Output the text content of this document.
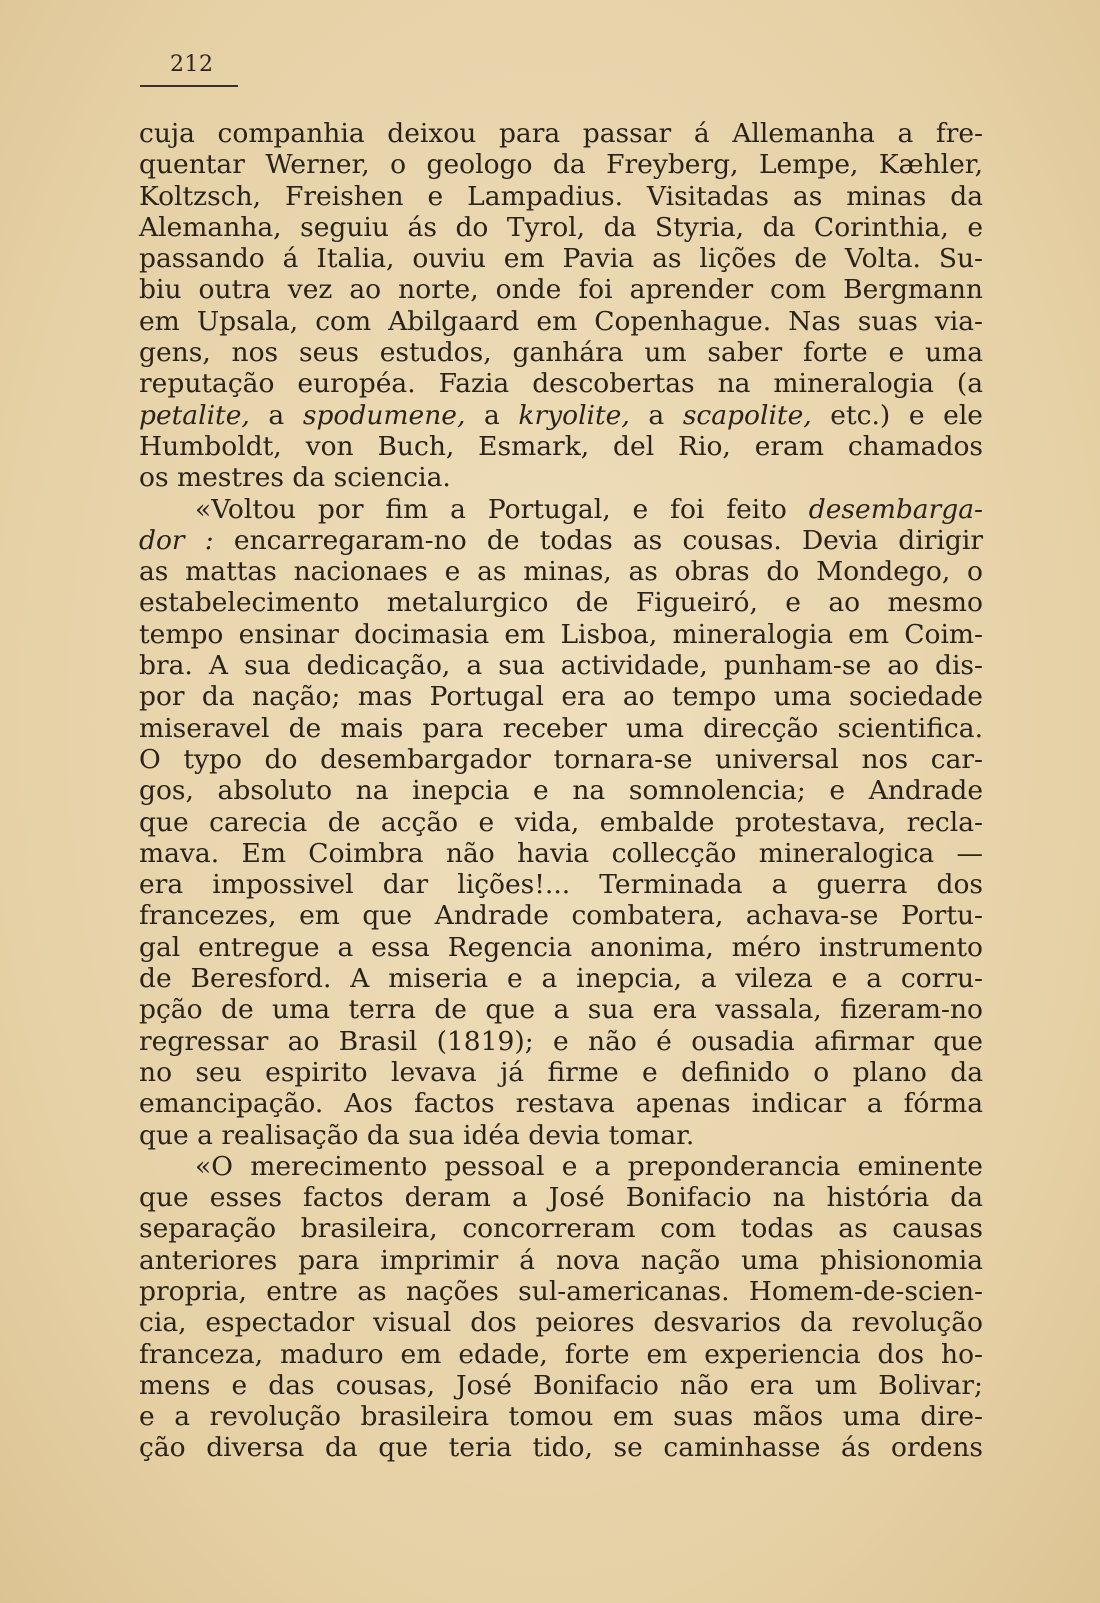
212
cuja companhia deixou para passar á Allemanha a fre-
quentar Werner, o geologo da Freyberg, Lempe, Kæhler,
Koltzsch, Freishen e Lampadius. Visitadas as minas da
Alemanha, seguiu ás do Tyrol, da Styria, da Corinthia, e
passando á Italia, ouviu em Pavia as lições de Volta. Su-
biu outra vez ao norte, onde foi aprender com Bergmann
em Upsala, com Abilgaard em Copenhague. Nas suas via-
gens, nos seus estudos, ganhára um saber forte e uma
reputação européa. Fazia descobertas na mineralogia (a
petalite, a spodumene, a kryolite, a scapolite, etc.) e ele
Humboldt, von Buch, Esmark, del Rio, eram chamados
os mestres da sciencia.
«Voltou por fim a Portugal, e foi feito desembarga-
dor : encarregaram-no de todas as cousas. Devia dirigir
as mattas nacionaes e as minas, as obras do Mondego, o
estabelecimento metalurgico de Figueiró, e ao mesmo
tempo ensinar docimasia em Lisboa, mineralogia em Coim-
bra. A sua dedicação, a sua actividade, punham-se ao dis-
por da nação; mas Portugal era ao tempo uma sociedade
miseravel de mais para receber uma direcção scientifica.
O typo do desembargador tornara-se universal nos car-
gos, absoluto na inepcia e na somnolencia; e Andrade
que carecia de acção e vida, embalde protestava, recla-
mava. Em Coimbra não havia collecção mineralogica —
era impossivel dar lições!... Terminada a guerra dos
francezes, em que Andrade combatera, achava-se Portu-
gal entregue a essa Regencia anonima, méro instrumento
de Beresford. A miseria e a inepcia, a vileza e a corru-
pção de uma terra de que a sua era vassala, fizeram-no
regressar ao Brasil (1819); e não é ousadia afirmar que
no seu espirito levava já firme e definido o plano da
emancipação. Aos factos restava apenas indicar a fórma
que a realisação da sua idéa devia tomar.
«O merecimento pessoal e a preponderancia eminente
que esses factos deram a José Bonifacio na história da
separação brasileira, concorreram com todas as causas
anteriores para imprimir á nova nação uma phisionomia
propria, entre as nações sul-americanas. Homem-de-scien-
cia, espectador visual dos peiores desvarios da revolução
franceza, maduro em edade, forte em experiencia dos ho-
mens e das cousas, José Bonifacio não era um Bolivar;
e a revolução brasileira tomou em suas mãos uma dire-
ção diversa da que teria tido, se caminhasse ás ordens
